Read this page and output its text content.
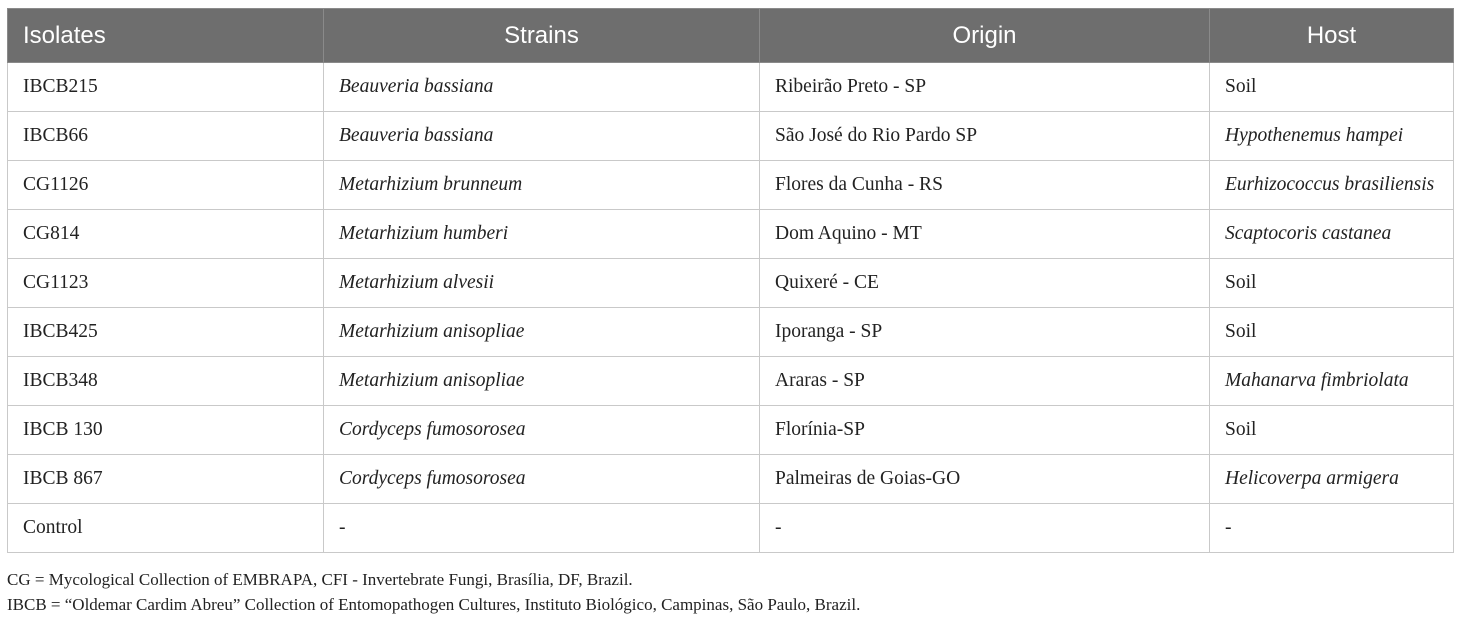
Isolates	Strains	Origin	Host
IBCB215	Beauveria bassiana	Ribeirão Preto - SP	Soil
IBCB66	Beauveria bassiana	São José do Rio Pardo SP	Hypothenemus hampei
CG1126	Metarhizium brunneum	Flores da Cunha - RS	Eurhizococcus brasiliensis
CG814	Metarhizium humberi	Dom Aquino - MT	Scaptocoris castanea
CG1123	Metarhizium alvesii	Quixeré - CE	Soil
IBCB425	Metarhizium anisopliae	Iporanga - SP	Soil
IBCB348	Metarhizium anisopliae	Araras - SP	Mahanarva fimbriolata
IBCB 130	Cordyceps fumosorosea	Florínia-SP	Soil
IBCB 867	Cordyceps fumosorosea	Palmeiras de Goias-GO	Helicoverpa armigera
Control	-	-	-

CG = Mycological Collection of EMBRAPA, CFI - Invertebrate Fungi, Brasília, DF, Brazil.

IBCB = “Oldemar Cardim Abreu” Collection of Entomopathogen Cultures, Instituto Biológico, Campinas, São Paulo, Brazil.
